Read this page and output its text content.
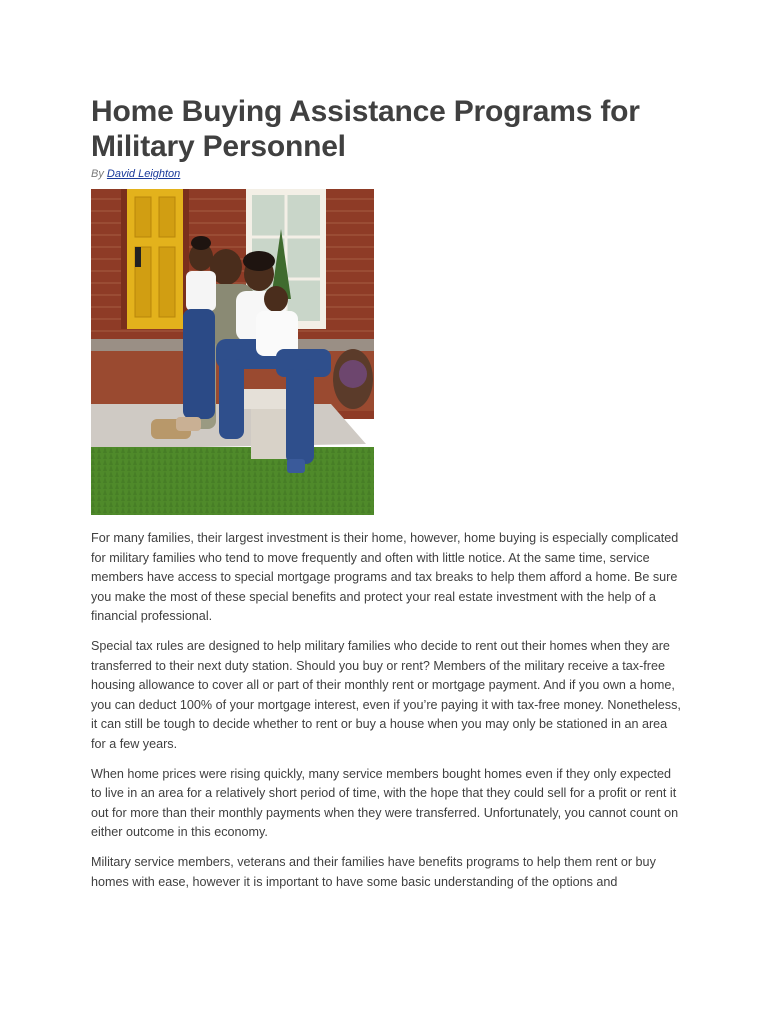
Home Buying Assistance Programs for Military Personnel
By David Leighton

For many families, their largest investment is their home, however, home buying is especially complicated for military families who tend to move frequently and often with little notice. At the same time, service members have access to special mortgage programs and tax breaks to help them afford a home. Be sure you make the most of these special benefits and protect your real estate investment with the help of a financial professional.

Special tax rules are designed to help military families who decide to rent out their homes when they are transferred to their next duty station. Should you buy or rent? Members of the military receive a tax-free housing allowance to cover all or part of their monthly rent or mortgage payment. And if you own a home, you can deduct 100% of your mortgage interest, even if you’re paying it with tax-free money. Nonetheless, it can still be tough to decide whether to rent or buy a house when you may only be stationed in an area for a few years.

When home prices were rising quickly, many service members bought homes even if they only expected to live in an area for a relatively short period of time, with the hope that they could sell for a profit or rent it out for more than their monthly payments when they were transferred. Unfortunately, you cannot count on either outcome in this economy.

Military service members, veterans and their families have benefits programs to help them rent or buy homes with ease, however it is important to have some basic understanding of the options and
